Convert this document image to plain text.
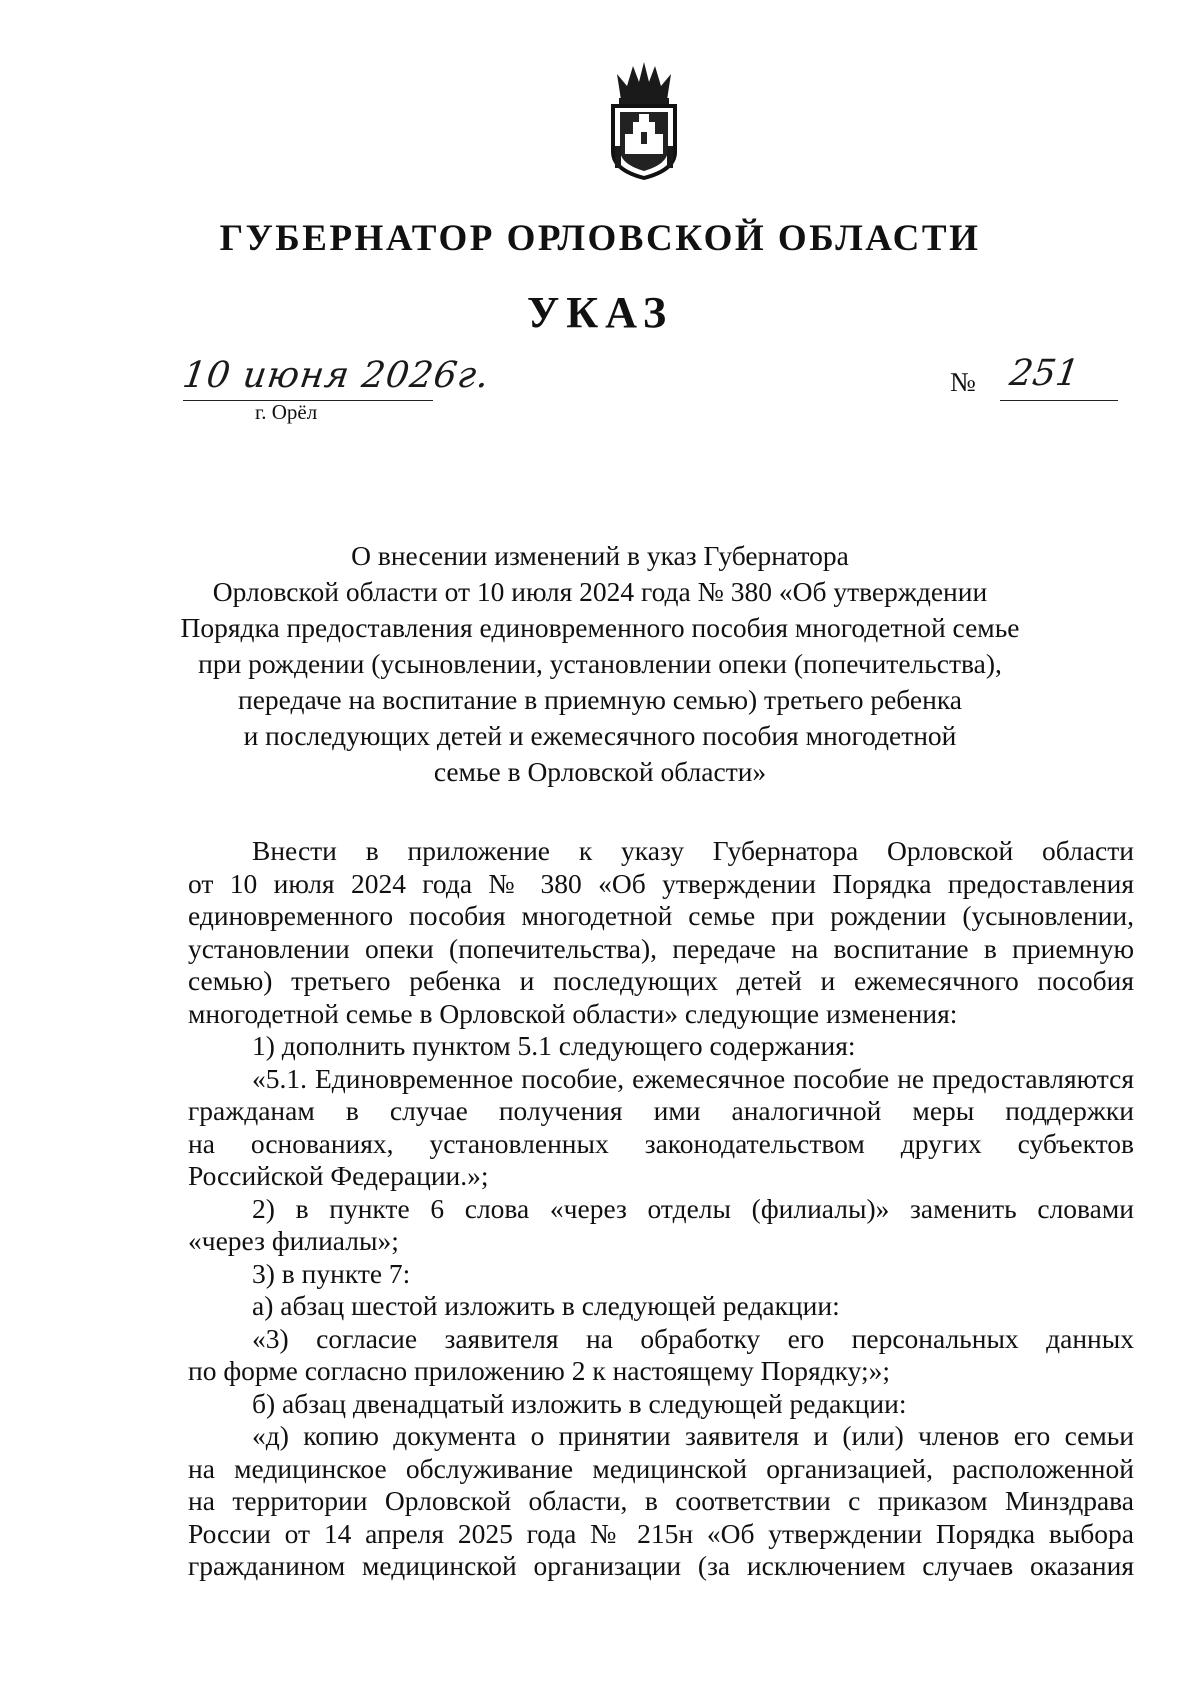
ГУБЕРНАТОР ОРЛОВСКОЙ ОБЛАСТИ
УКАЗ
10 июня 2026г.
г. Орёл
№ 251
О внесении изменений в указ Губернатора
Орловской области от 10 июля 2024 года № 380 «Об утверждении
Порядка предоставления единовременного пособия многодетной семье
при рождении (усыновлении, установлении опеки (попечительства),
передаче на воспитание в приемную семью) третьего ребенка
и последующих детей и ежемесячного пособия многодетной
семье в Орловской области»
Внести в приложение к указу Губернатора Орловской области
от 10 июля 2024 года № 380 «Об утверждении Порядка предоставления
единовременного пособия многодетной семье при рождении (усыновлении,
установлении опеки (попечительства), передаче на воспитание в приемную
семью) третьего ребенка и последующих детей и ежемесячного пособия
многодетной семье в Орловской области» следующие изменения:
1) дополнить пунктом 5.1 следующего содержания:
«5.1. Единовременное пособие, ежемесячное пособие не предоставляются
гражданам в случае получения ими аналогичной меры поддержки
на основаниях, установленных законодательством других субъектов
Российской Федерации.»;
2) в пункте 6 слова «через отделы (филиалы)» заменить словами
«через филиалы»;
3) в пункте 7:
а) абзац шестой изложить в следующей редакции:
«3) согласие заявителя на обработку его персональных данных
по форме согласно приложению 2 к настоящему Порядку;»;
б) абзац двенадцатый изложить в следующей редакции:
«д) копию документа о принятии заявителя и (или) членов его семьи
на медицинское обслуживание медицинской организацией, расположенной
на территории Орловской области, в соответствии с приказом Минздрава
России от 14 апреля 2025 года № 215н «Об утверждении Порядка выбора
гражданином медицинской организации (за исключением случаев оказания
